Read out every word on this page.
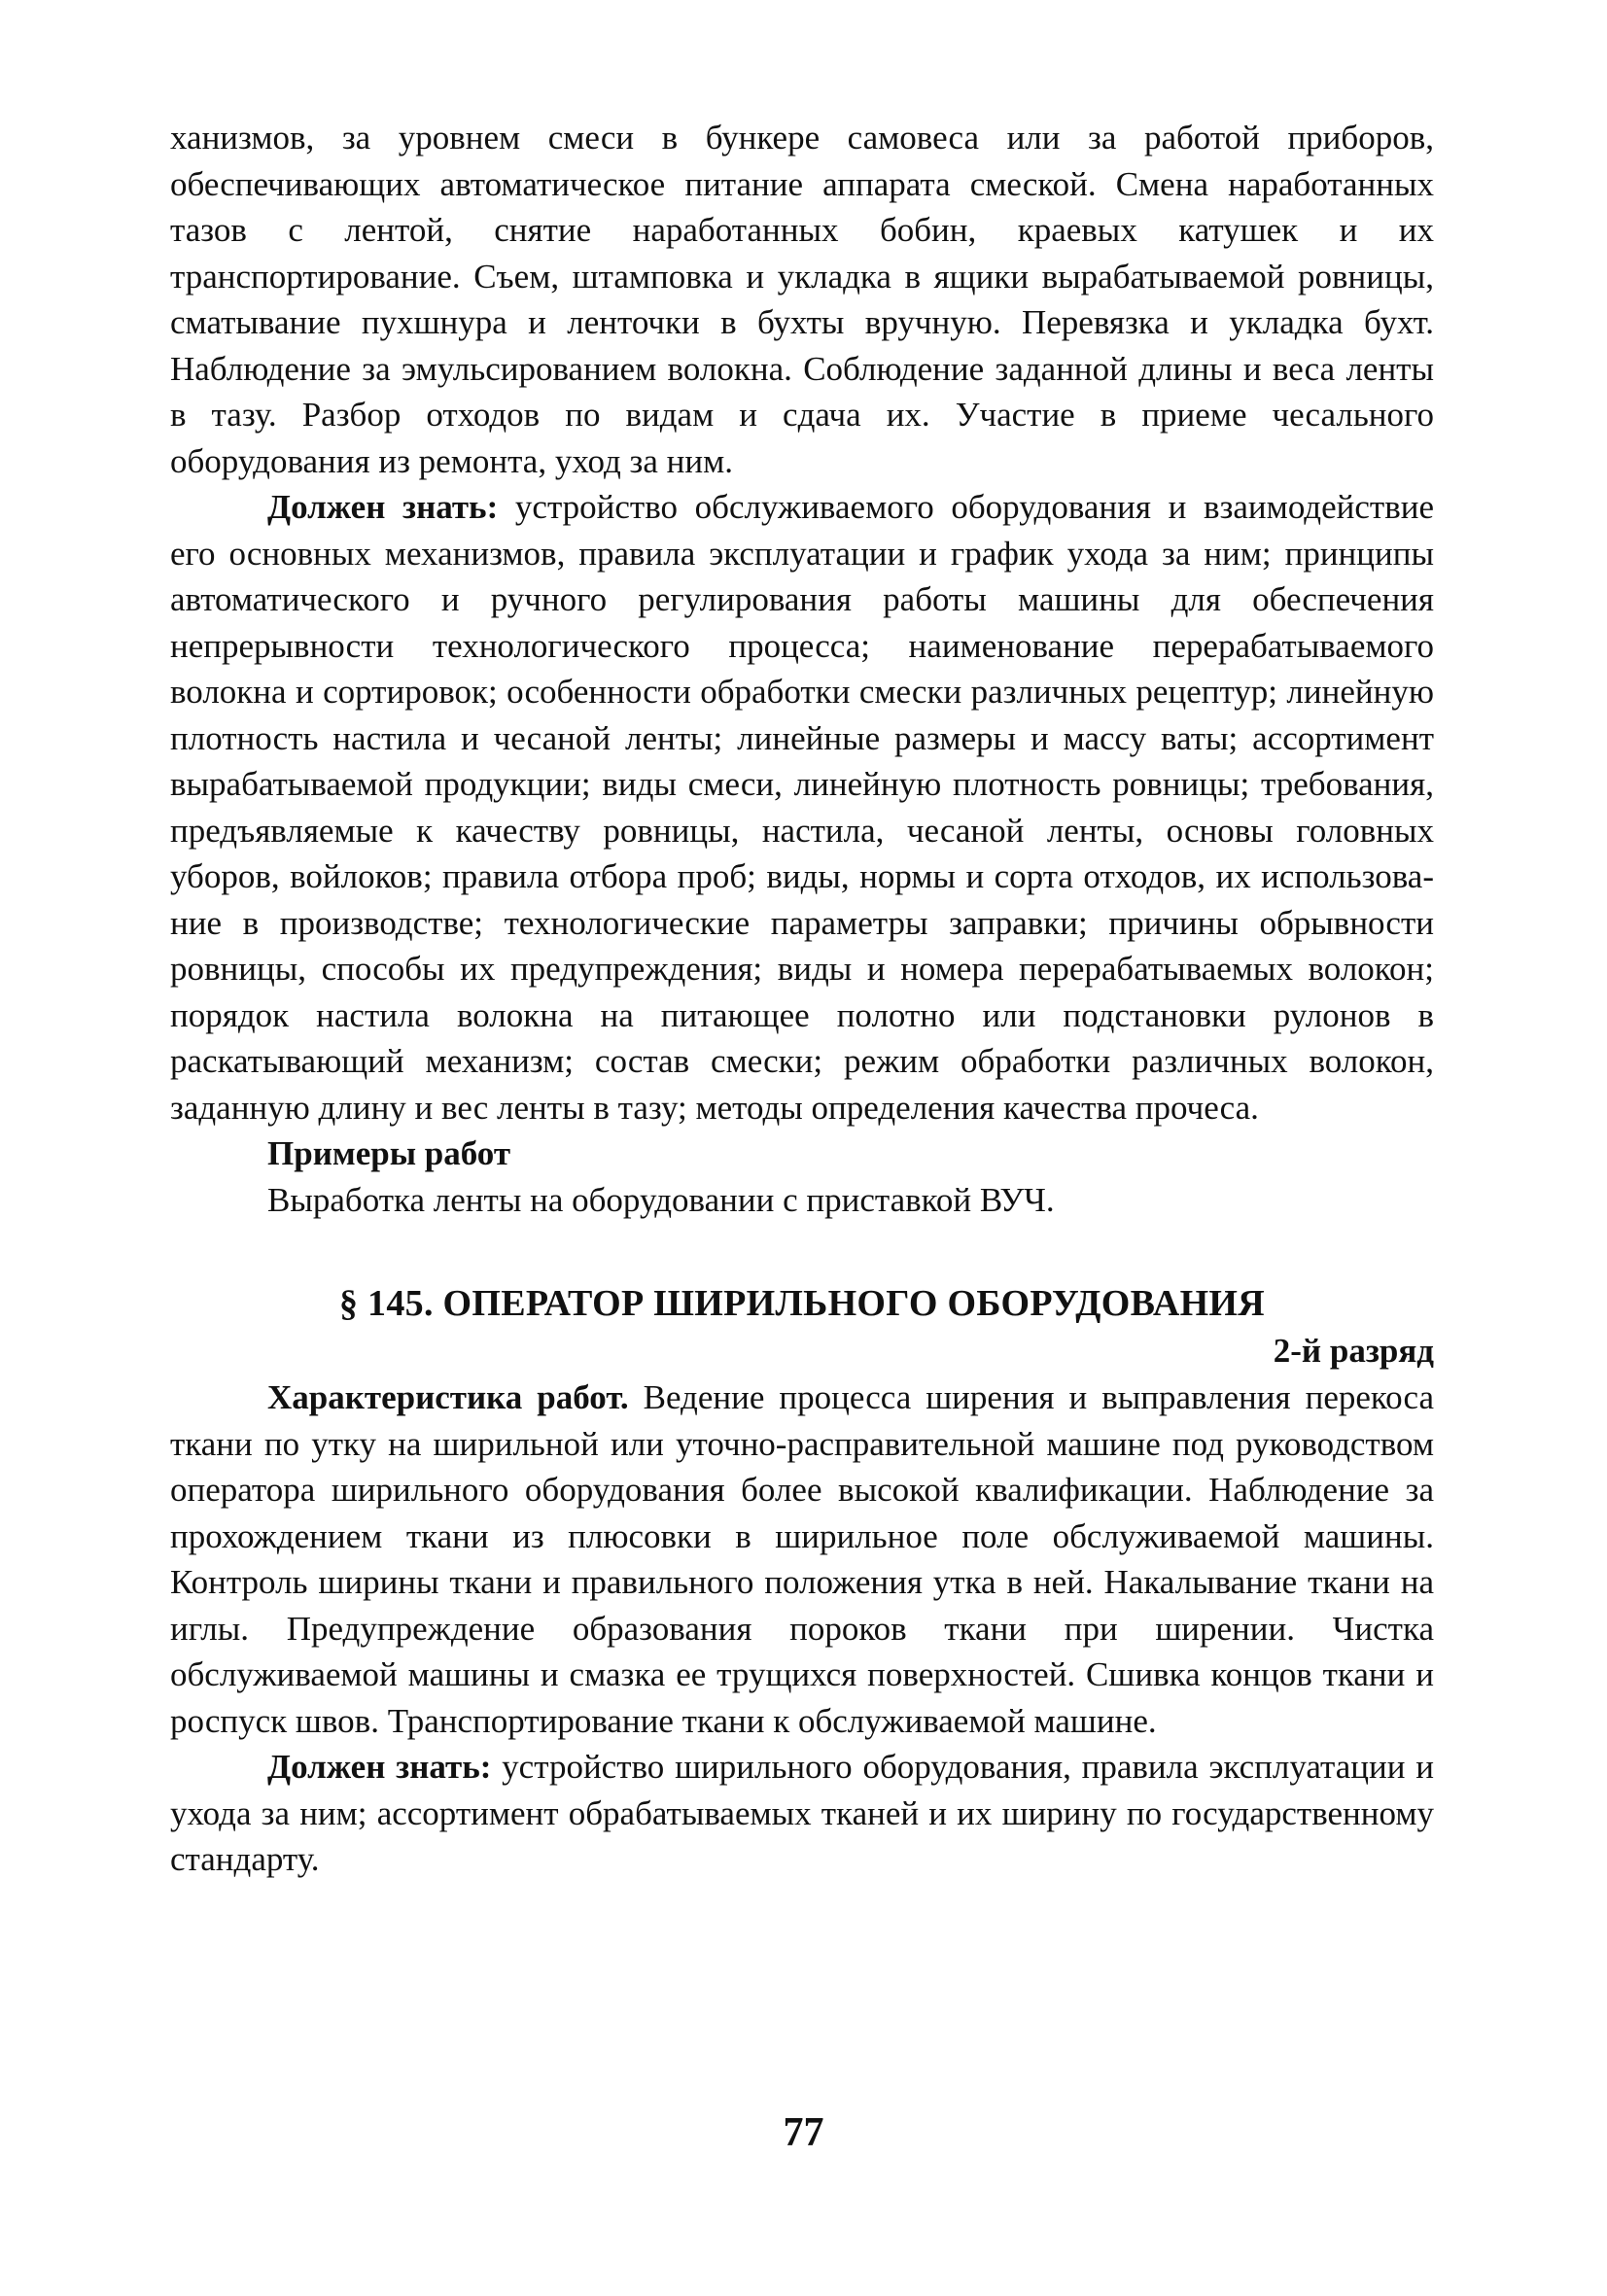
ханизмов, за уровнем смеси в бункере самовеса или за работой приборов, обеспечивающих автоматическое питание аппарата смеской. Смена наработанных тазов с лентой, снятие наработанных бобин, краевых катушек и их транспортирование. Съем, штамповка и укладка в ящики вырабатываемой ровницы, сматывание пухшнура и ленточки в бухты вручную. Перевязка и укладка бухт. Наблюдение за эмульсированием волокна. Соблюдение заданной длины и веса ленты в тазу. Разбор отходов по видам и сдача их. Участие в приеме чесального оборудования из ремонта, уход за ним.

Должен знать: устройство обслуживаемого оборудования и взаимодействие его основных механизмов, правила эксплуатации и график ухода за ним; принципы автоматического и ручного регулирования работы машины для обеспечения непрерывности технологического процесса; наименование перерабатываемого волокна и сортировок; особенности обработки смески различных рецептур; линейную плотность настила и чесаной ленты; линейные размеры и массу ваты; ассортимент вырабатываемой продукции; виды смеси, линейную плотность ровницы; требования, предъявляемые к качеству ровницы, настила, чесаной ленты, основы головных уборов, войлоков; правила отбора проб; виды, нормы и сорта отходов, их использование в производстве; технологические параметры заправки; причины обрывности ровницы, способы их предупреждения; виды и номера перерабатываемых волокон; порядок настила волокна на питающее полотно или подстановки рулонов в раскатывающий механизм; состав смески; режим обработки различных волокон, заданную длину и вес ленты в тазу; методы определения качества прочеса.

Примеры работ

Выработка ленты на оборудовании с приставкой ВУЧ.

§ 145. ОПЕРАТОР ШИРИЛЬНОГО ОБОРУДОВАНИЯ

2-й разряд

Характеристика работ. Ведение процесса ширения и выправления перекоса ткани по утку на ширильной или уточно-расправительной машине под руководством оператора ширильного оборудования более высокой квалификации. Наблюдение за прохождением ткани из плюсовки в ширильное поле обслуживаемой машины. Контроль ширины ткани и правильного положения утка в ней. Накалывание ткани на иглы. Предупреждение образования пороков ткани при ширении. Чистка обслуживаемой машины и смазка ее трущихся поверхностей. Сшивка концов ткани и роспуск швов. Транспортирование ткани к обслуживаемой машине.

Должен знать: устройство ширильного оборудования, правила эксплуатации и ухода за ним; ассортимент обрабатываемых тканей и их ширину по государственному стандарту.

77
